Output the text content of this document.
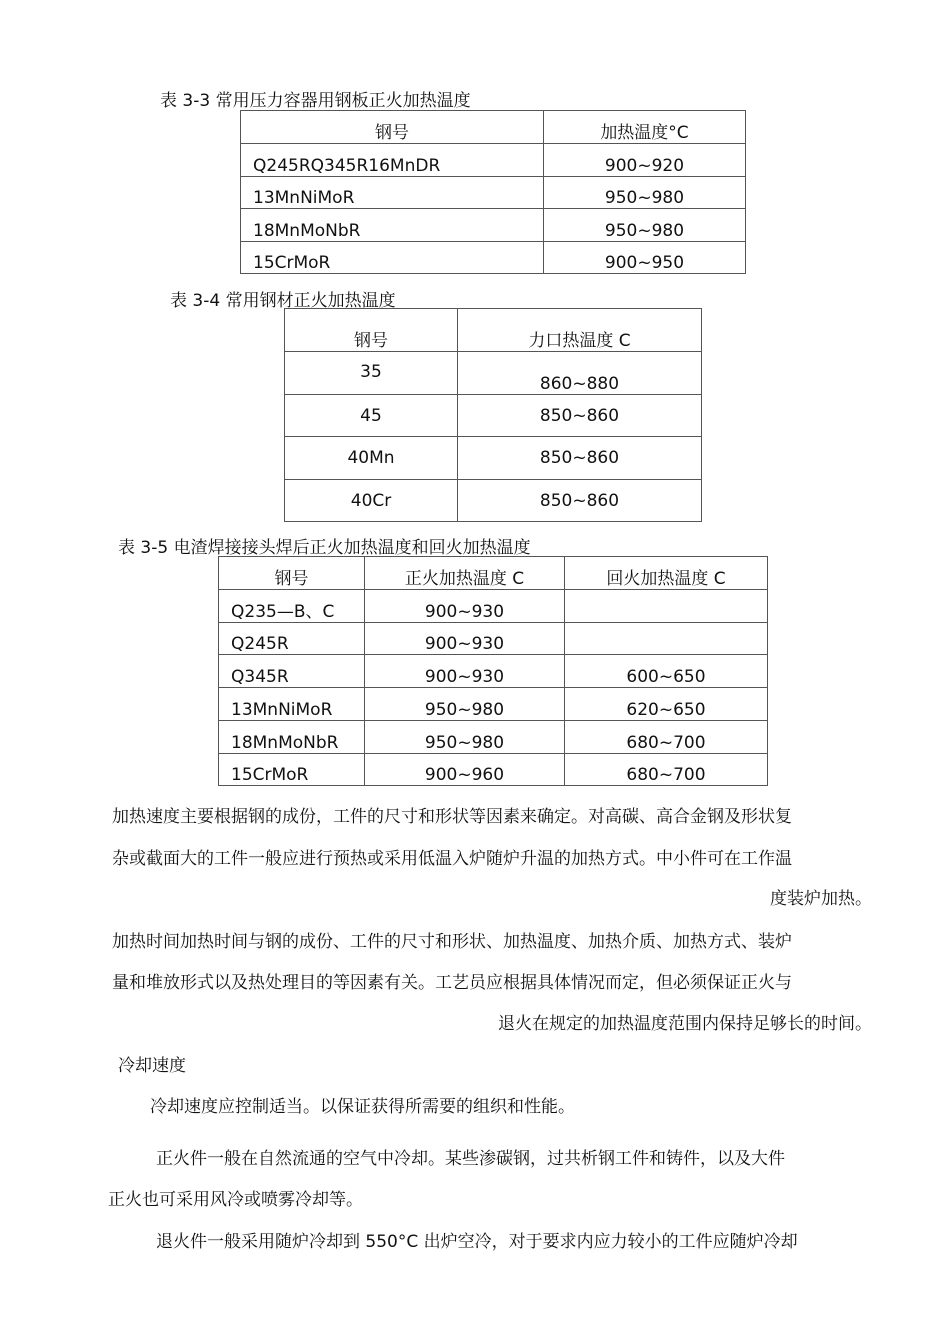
表 3-3 常用压力容器用钢板正火加热温度
钢号	加热温度°C
Q245RQ345R16MnDR	900~920
13MnNiMoR	950~980
18MnMoNbR	950~980
15CrMoR	900~950
表 3-4 常用钢材正火加热温度
钢号	力口热温度 C
35	860~880
45	850~860
40Mn	850~860
40Cr	850~860
表 3-5 电渣焊接接头焊后正火加热温度和回火加热温度
钢号	正火加热温度 C	回火加热温度 C
Q235—B、C	900~930	
Q245R	900~930	
Q345R	900~930	600~650
13MnNiMoR	950~980	620~650
18MnMoNbR	950~980	680~700
15CrMoR	900~960	680~700
加热速度主要根据钢的成份，工件的尺寸和形状等因素来确定。对高碳、高合金钢及形状复
杂或截面大的工件一般应进行预热或采用低温入炉随炉升温的加热方式。中小件可在工作温
度装炉加热。
加热时间加热时间与钢的成份、工件的尺寸和形状、加热温度、加热介质、加热方式、装炉
量和堆放形式以及热处理目的等因素有关。工艺员应根据具体情况而定，但必须保证正火与
退火在规定的加热温度范围内保持足够长的时间。
冷却速度
冷却速度应控制适当。以保证获得所需要的组织和性能。
正火件一般在自然流通的空气中冷却。某些渗碳钢，过共析钢工件和铸件，以及大件
正火也可采用风冷或喷雾冷却等。
退火件一般采用随炉冷却到 550°C 出炉空冷，对于要求内应力较小的工件应随炉冷却
